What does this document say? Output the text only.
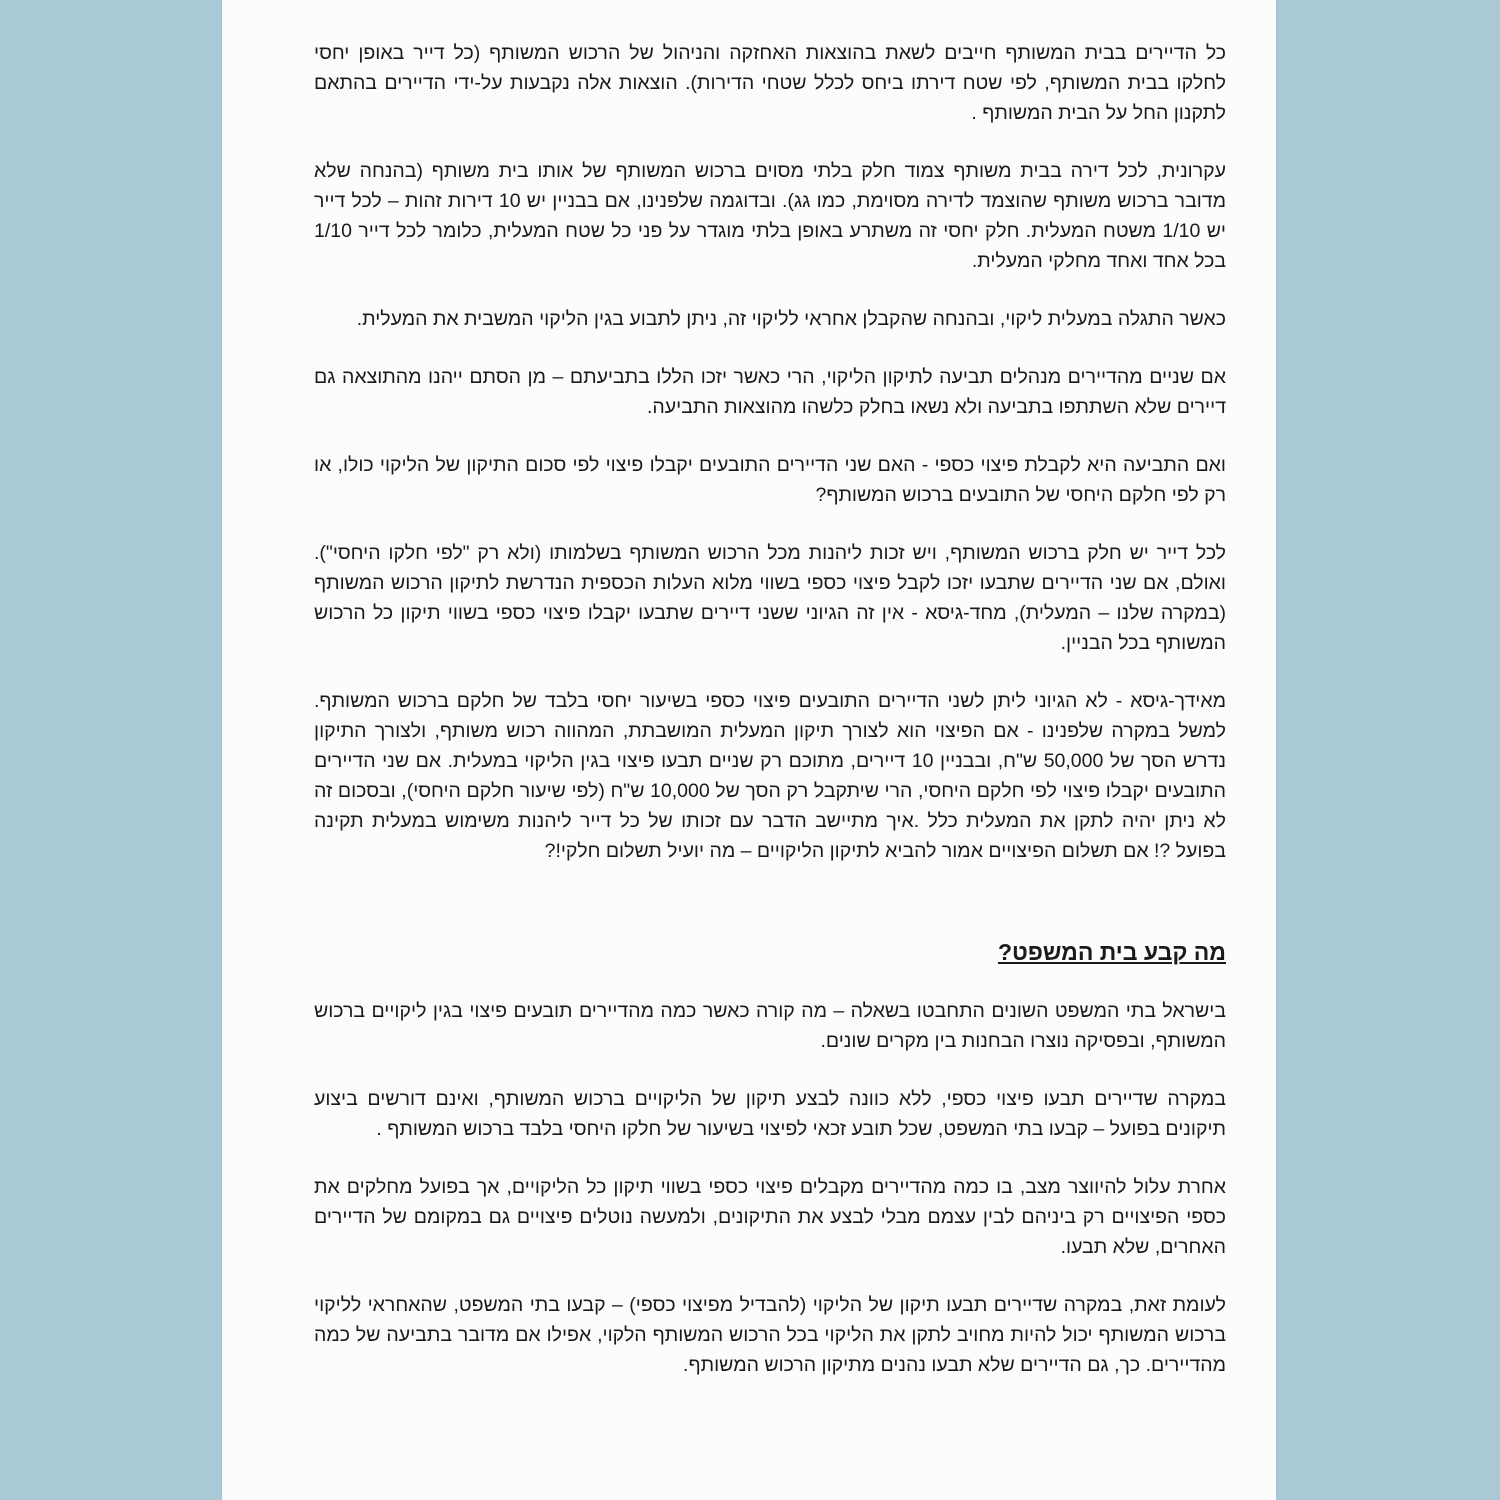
כל הדיירים בבית המשותף חייבים לשאת בהוצאות האחזקה והניהול של הרכוש המשותף (כל דייר באופן יחסי לחלקו בבית המשותף, לפי שטח דירתו ביחס לכלל שטחי הדירות). הוצאות אלה נקבעות על-ידי הדיירים בהתאם לתקנון החל על הבית המשותף .

עקרונית, לכל דירה בבית משותף צמוד חלק בלתי מסוים ברכוש המשותף של אותו בית משותף (בהנחה שלא מדובר ברכוש משותף שהוצמד לדירה מסוימת, כמו גג). ובדוגמה שלפנינו, אם בבניין יש 10 דירות זהות – לכל דייר יש 1/10 משטח המעלית. חלק יחסי זה משתרע באופן בלתי מוגדר על פני כל שטח המעלית, כלומר לכל דייר 1/10 בכל אחד ואחד מחלקי המעלית.

כאשר התגלה במעלית ליקוי, ובהנחה שהקבלן אחראי לליקוי זה, ניתן לתבוע בגין הליקוי המשבית את המעלית.

אם שניים מהדיירים מנהלים תביעה לתיקון הליקוי, הרי כאשר יזכו הללו בתביעתם – מן הסתם ייהנו מהתוצאה גם דיירים שלא השתתפו בתביעה ולא נשאו בחלק כלשהו מהוצאות התביעה.

ואם התביעה היא לקבלת פיצוי כספי - האם שני הדיירים התובעים יקבלו פיצוי לפי סכום התיקון של הליקוי כולו, או רק לפי חלקם היחסי של התובעים ברכוש המשותף?

לכל דייר יש חלק ברכוש המשותף, ויש זכות ליהנות מכל הרכוש המשותף בשלמותו (ולא רק "לפי חלקו היחסי"). ואולם, אם שני הדיירים שתבעו יזכו לקבל פיצוי כספי בשווי מלוא העלות הכספית הנדרשת לתיקון הרכוש המשותף (במקרה שלנו – המעלית), מחד-גיסא - אין זה הגיוני ששני דיירים שתבעו יקבלו פיצוי כספי בשווי תיקון כל הרכוש המשותף בכל הבניין.

מאידך-גיסא - לא הגיוני ליתן לשני הדיירים התובעים פיצוי כספי בשיעור יחסי בלבד של חלקם ברכוש המשותף. למשל במקרה שלפנינו - אם הפיצוי הוא לצורך תיקון המעלית המושבתת, המהווה רכוש משותף, ולצורך התיקון נדרש הסך של 50,000 ש"ח, ובבניין 10 דיירים, מתוכם רק שניים תבעו פיצוי בגין הליקוי במעלית. אם שני הדיירים התובעים יקבלו פיצוי לפי חלקם היחסי, הרי שיתקבל רק הסך של 10,000 ש"ח (לפי שיעור חלקם היחסי), ובסכום זה לא ניתן יהיה לתקן את המעלית כלל .איך מתיישב הדבר עם זכותו של כל דייר ליהנות משימוש במעלית תקינה בפועל ?! אם תשלום הפיצויים אמור להביא לתיקון הליקויים – מה יועיל תשלום חלקי!?

מה קבע בית המשפט?

בישראל בתי המשפט השונים התחבטו בשאלה – מה קורה כאשר כמה מהדיירים תובעים פיצוי בגין ליקויים ברכוש המשותף, ובפסיקה נוצרו הבחנות בין מקרים שונים.

במקרה שדיירים תבעו פיצוי כספי, ללא כוונה לבצע תיקון של הליקויים ברכוש המשותף, ואינם דורשים ביצוע תיקונים בפועל – קבעו בתי המשפט, שכל תובע זכאי לפיצוי בשיעור של חלקו היחסי בלבד ברכוש המשותף .

אחרת עלול להיווצר מצב, בו כמה מהדיירים מקבלים פיצוי כספי בשווי תיקון כל הליקויים, אך בפועל מחלקים את כספי הפיצויים רק ביניהם לבין עצמם מבלי לבצע את התיקונים, ולמעשה נוטלים פיצויים גם במקומם של הדיירים האחרים, שלא תבעו.

לעומת זאת, במקרה שדיירים תבעו תיקון של הליקוי (להבדיל מפיצוי כספי) – קבעו בתי המשפט, שהאחראי לליקוי ברכוש המשותף יכול להיות מחויב לתקן את הליקוי בכל הרכוש המשותף הלקוי, אפילו אם מדובר בתביעה של כמה מהדיירים. כך, גם הדיירים שלא תבעו נהנים מתיקון הרכוש המשותף.
